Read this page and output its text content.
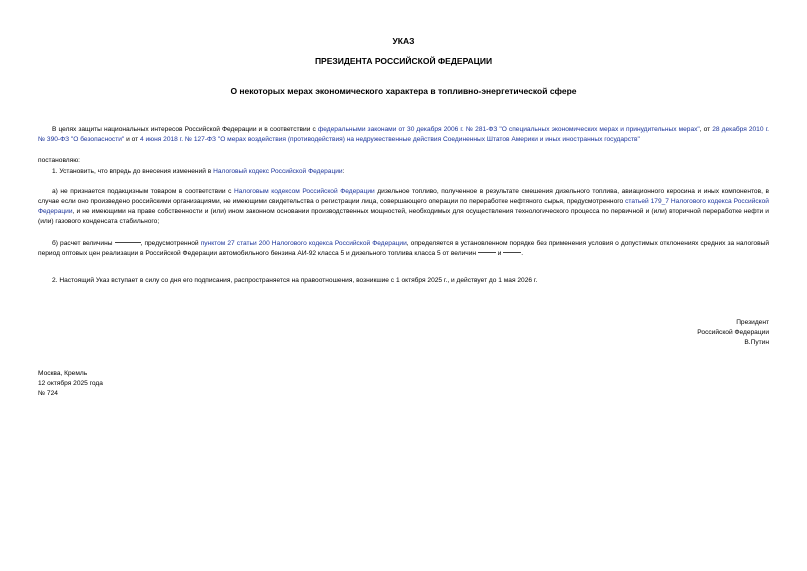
УКАЗ
ПРЕЗИДЕНТА РОССИЙСКОЙ ФЕДЕРАЦИИ
О некоторых мерах экономического характера в топливно-энергетической сфере
В целях защиты национальных интересов Российской Федерации и в соответствии с федеральными законами от 30 декабря 2006 г. № 281-ФЗ "О специальных экономических мерах и принудительных мерах", от 28 декабря 2010 г. № 390-ФЗ "О безопасности" и от 4 июня 2018 г. № 127-ФЗ "О мерах воздействия (противодействия) на недружественные действия Соединенных Штатов Америки и иных иностранных государств"
постановляю:
1. Установить, что впредь до внесения изменений в Налоговый кодекс Российской Федерации:
а) не признается подакцизным товаром в соответствии с Налоговым кодексом Российской Федерации дизельное топливо, полученное в результате смешения дизельного топлива, авиационного керосина и иных компонентов, в случае если оно произведено российскими организациями, не имеющими свидетельства о регистрации лица, совершающего операции по переработке нефтяного сырья, предусмотренного статьей 179_7 Налогового кодекса Российской Федерации, и не имеющими на праве собственности и (или) ином законном основании производственных мощностей, необходимых для осуществления технологического процесса по первичной и (или) вторичной переработке нефти и (или) газового конденсата стабильного;
б) расчет величины	, предусмотренной пунктом 27 статьи 200 Налогового кодекса Российской Федерации, определяется в установленном порядке без применения условия о допустимых отклонениях средних за налоговый период оптовых цен реализации в Российской Федерации автомобильного бензина АИ-92 класса 5 и дизельного топлива класса 5 от величин	и	.
2. Настоящий Указ вступает в силу со дня его подписания, распространяется на правоотношения, возникшие с 1 октября 2025 г., и действует до 1 мая 2026 г.
Президент
Российской Федерации
В.Путин
Москва, Кремль
12 октября 2025 года
№ 724
